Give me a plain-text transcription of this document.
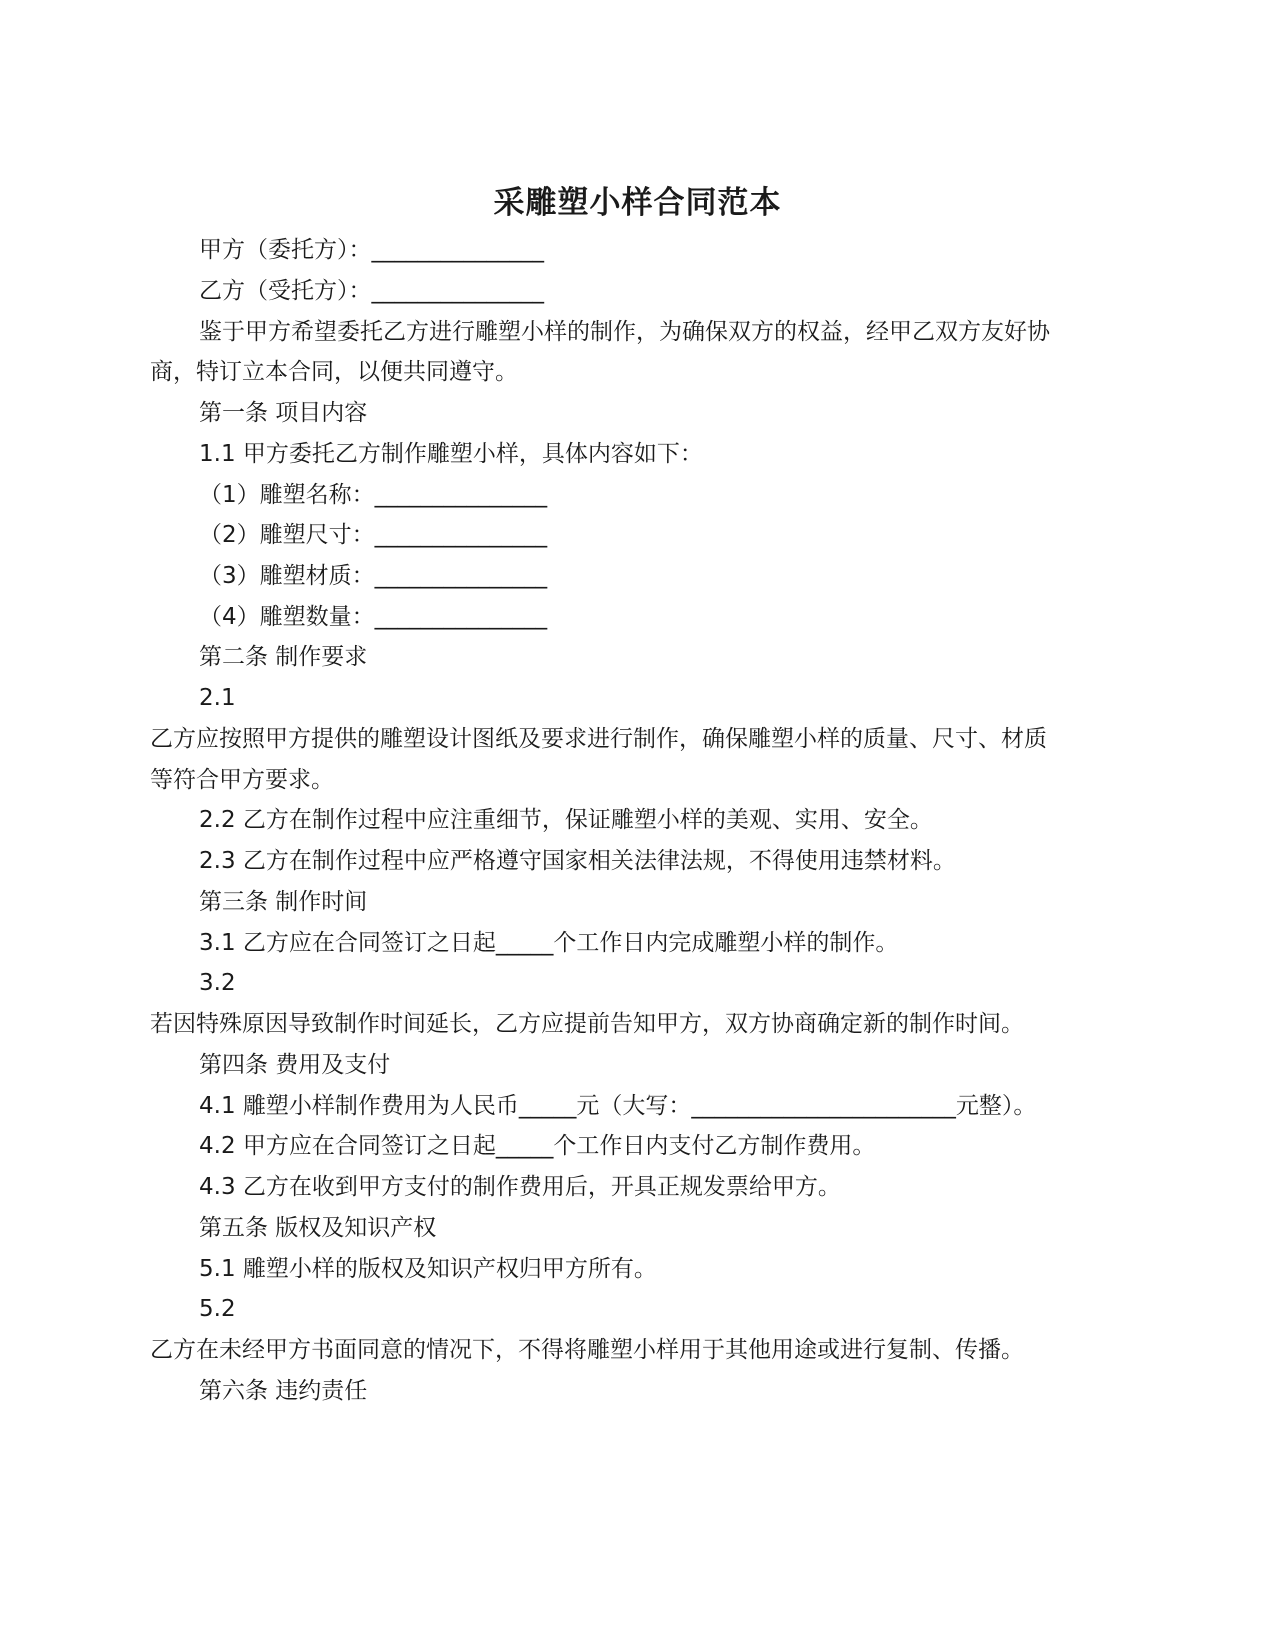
采雕塑小样合同范本
甲方（委托方）：_______________
乙方（受托方）：_______________
鉴于甲方希望委托乙方进行雕塑小样的制作，为确保双方的权益，经甲乙双方友好协
商，特订立本合同，以便共同遵守。
第一条 项目内容
1.1 甲方委托乙方制作雕塑小样，具体内容如下：
（1）雕塑名称：_______________
（2）雕塑尺寸：_______________
（3）雕塑材质：_______________
（4）雕塑数量：_______________
第二条 制作要求
2.1
乙方应按照甲方提供的雕塑设计图纸及要求进行制作，确保雕塑小样的质量、尺寸、材质
等符合甲方要求。
2.2 乙方在制作过程中应注重细节，保证雕塑小样的美观、实用、安全。
2.3 乙方在制作过程中应严格遵守国家相关法律法规，不得使用违禁材料。
第三条 制作时间
3.1 乙方应在合同签订之日起_____个工作日内完成雕塑小样的制作。
3.2
若因特殊原因导致制作时间延长，乙方应提前告知甲方，双方协商确定新的制作时间。
第四条 费用及支付
4.1 雕塑小样制作费用为人民币_____元（大写：_______________________元整）。
4.2 甲方应在合同签订之日起_____个工作日内支付乙方制作费用。
4.3 乙方在收到甲方支付的制作费用后，开具正规发票给甲方。
第五条 版权及知识产权
5.1 雕塑小样的版权及知识产权归甲方所有。
5.2
乙方在未经甲方书面同意的情况下，不得将雕塑小样用于其他用途或进行复制、传播。
第六条 违约责任
